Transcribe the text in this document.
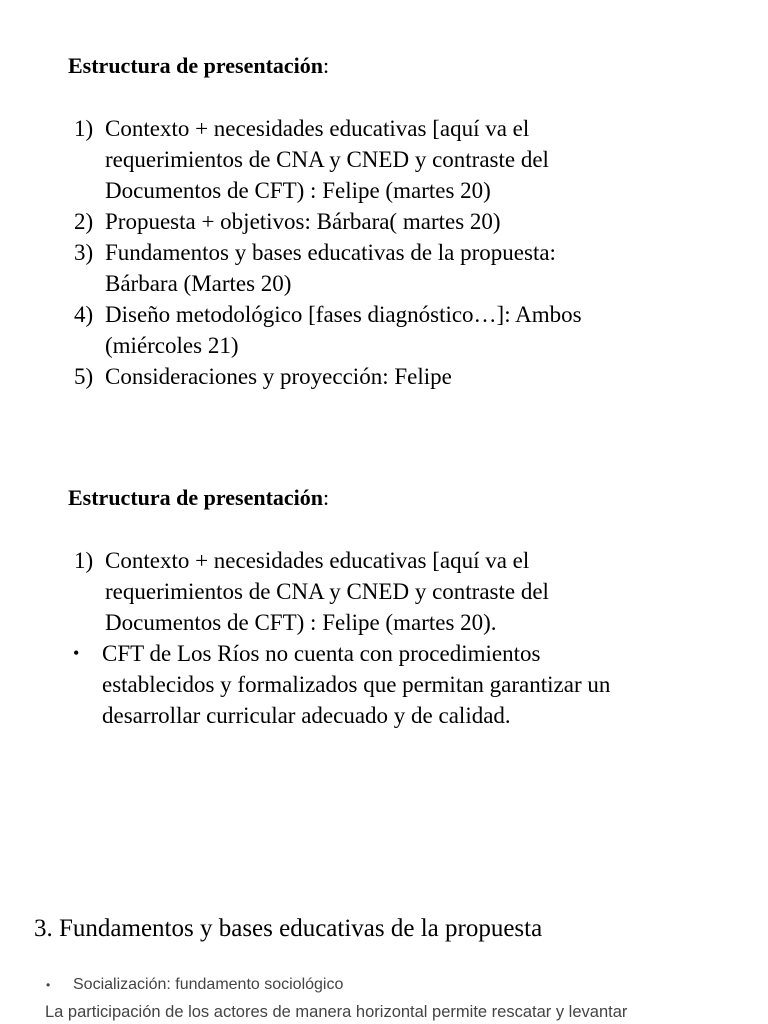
Estructura de presentación:
1) Contexto + necesidades educativas [aquí va el
requerimientos de CNA y CNED y contraste del
Documentos de CFT) : Felipe (martes 20)
2) Propuesta + objetivos: Bárbara( martes 20)
3) Fundamentos y bases educativas de la propuesta:
Bárbara (Martes 20)
4) Diseño metodológico [fases diagnóstico…]: Ambos
(miércoles 21)
5) Consideraciones y proyección: Felipe
Estructura de presentación:
1) Contexto + necesidades educativas [aquí va el
requerimientos de CNA y CNED y contraste del
Documentos de CFT) : Felipe (martes 20).
• CFT de Los Ríos no cuenta con procedimientos
establecidos y formalizados que permitan garantizar un
desarrollar curricular adecuado y de calidad.
3. Fundamentos y bases educativas de la propuesta
• Socialización: fundamento sociológico
La participación de los actores de manera horizontal permite rescatar y levantar
